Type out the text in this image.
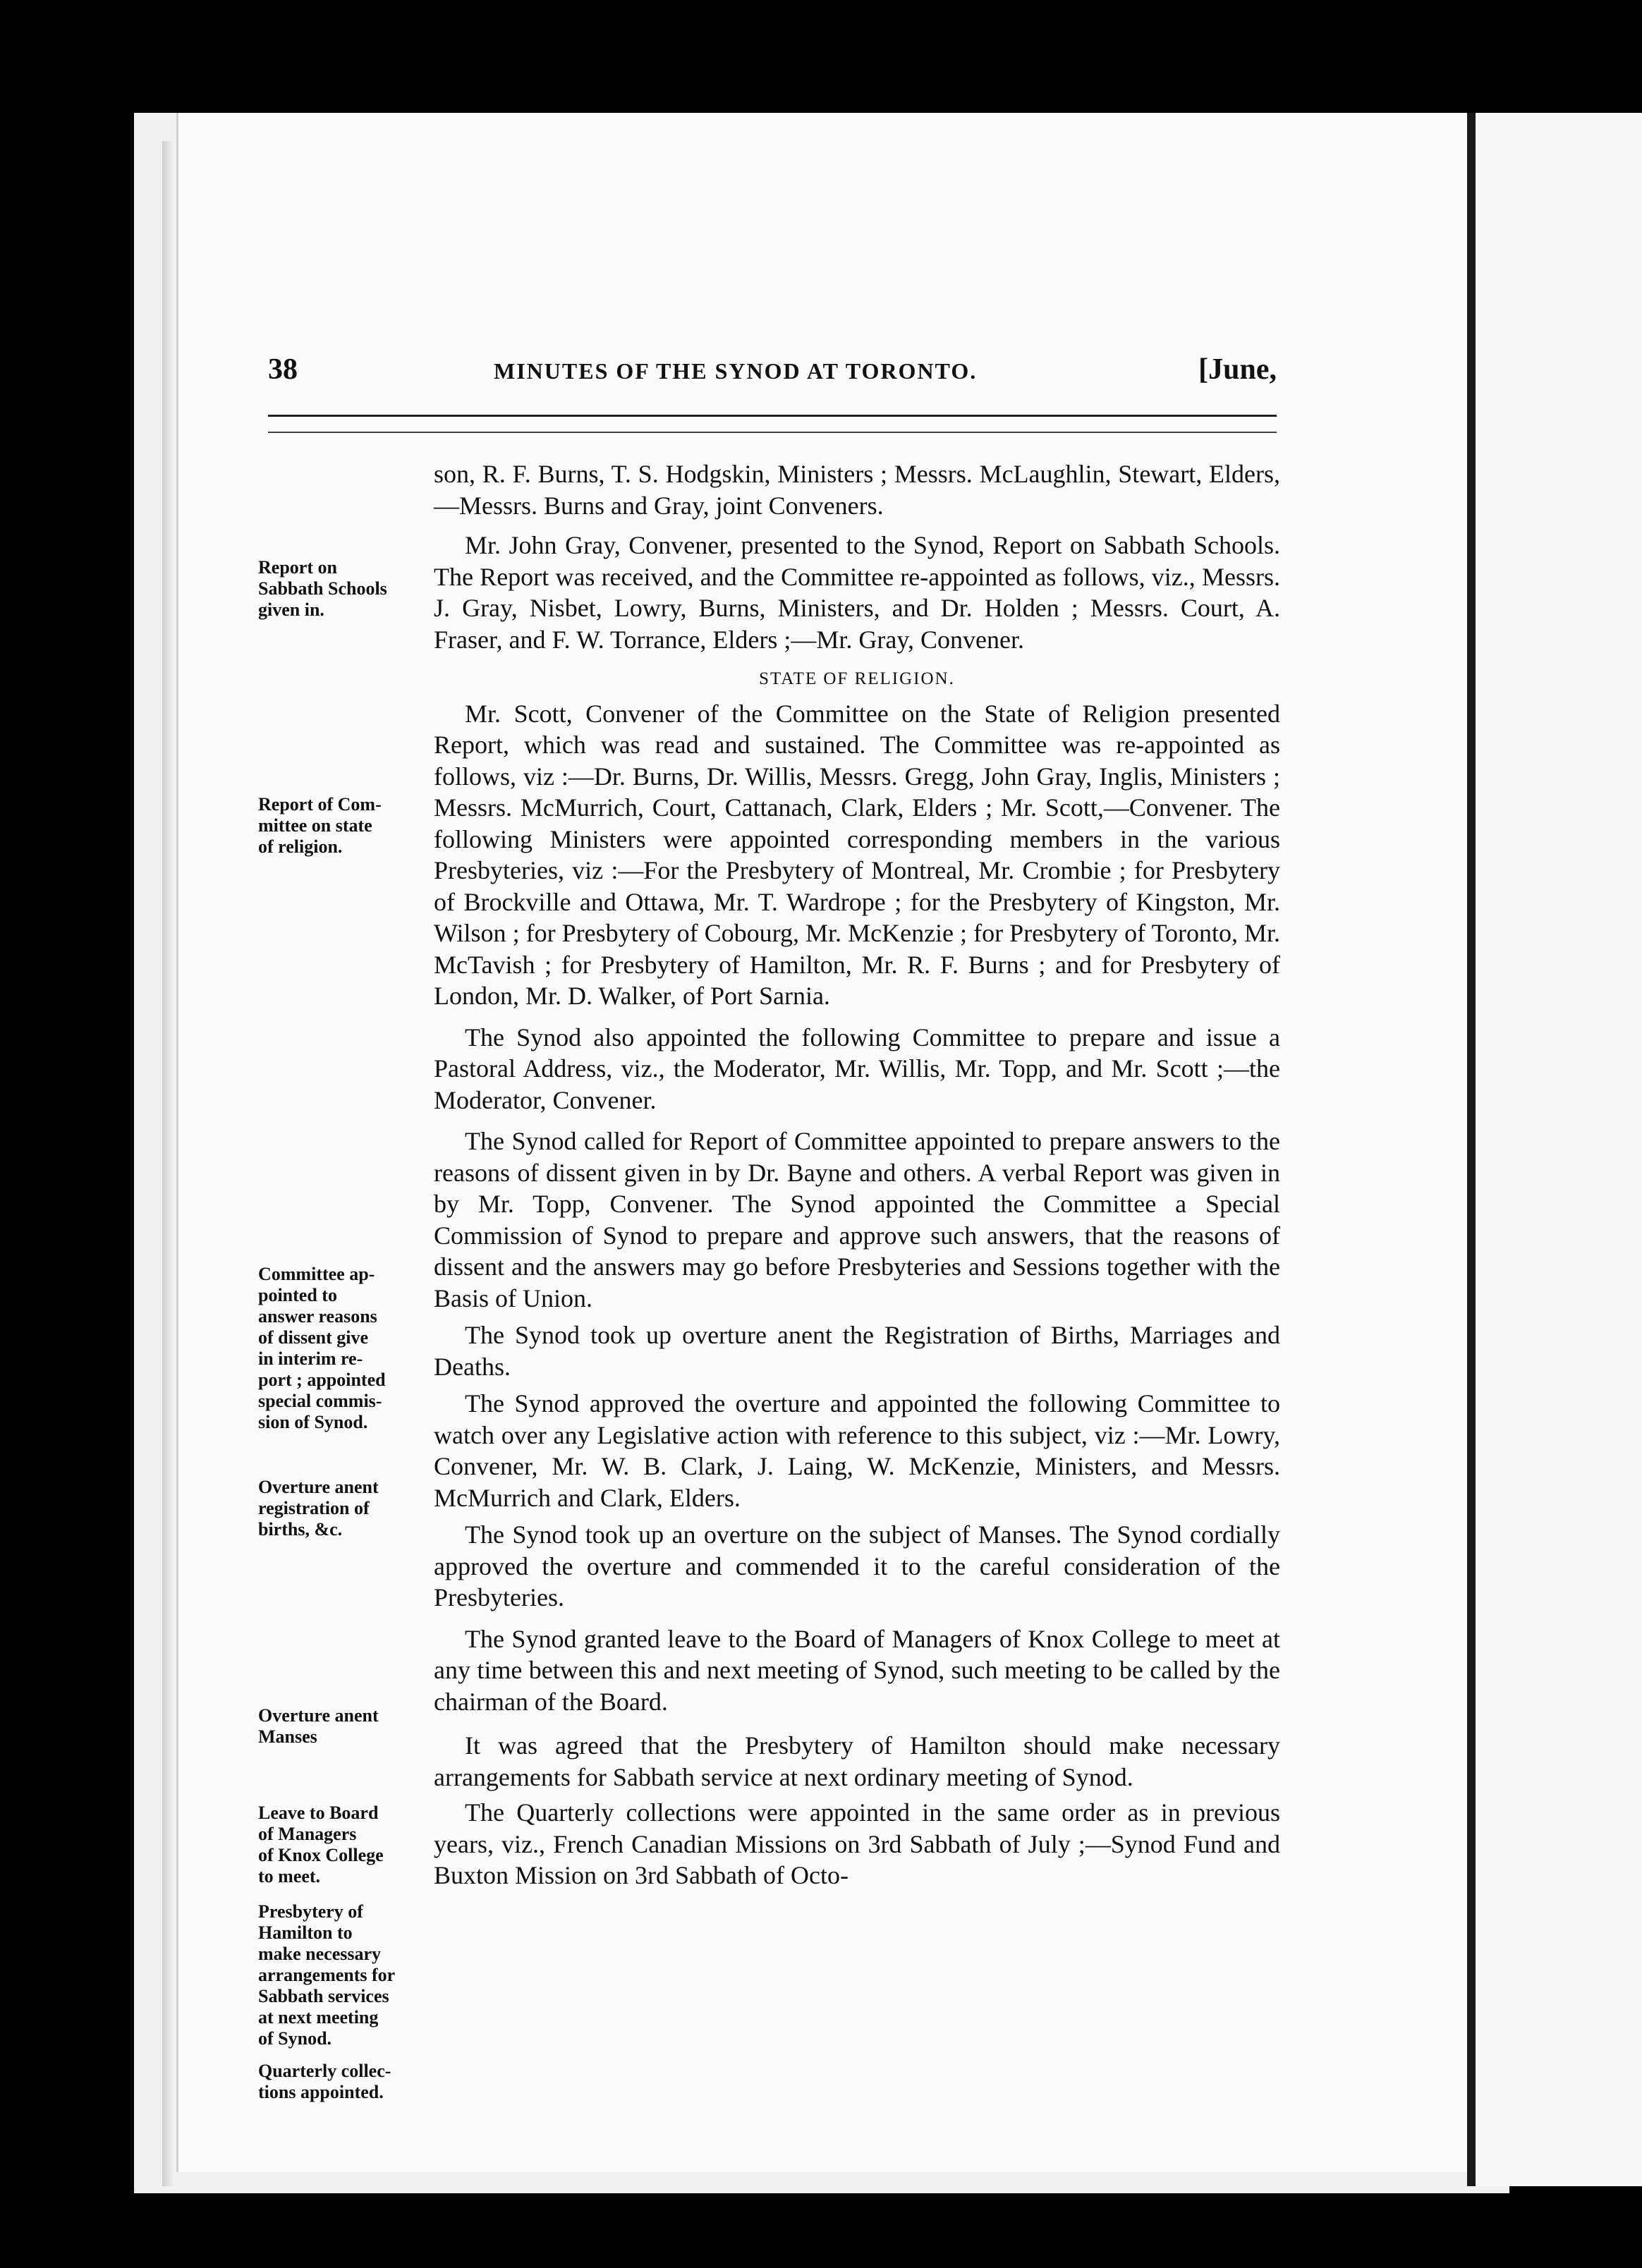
38	MINUTES OF THE SYNOD AT TORONTO.	[June,

son, R. F. Burns, T. S. Hodgskin, Ministers ; Messrs. McLaughlin, Stewart, Elders,—Messrs. Burns and Gray, joint Conveners.

Mr. John Gray, Convener, presented to the Synod, Report on Sabbath Schools. The Report was received, and the Committee re-appointed as follows, viz., Messrs. J. Gray, Nisbet, Lowry, Burns, Ministers, and Dr. Holden ; Messrs. Court, A. Fraser, and F. W. Torrance, Elders ;—Mr. Gray, Convener.

STATE OF RELIGION.

Mr. Scott, Convener of the Committee on the State of Religion presented Report, which was read and sustained. The Committee was re-appointed as follows, viz :—Dr. Burns, Dr. Willis, Messrs. Gregg, John Gray, Inglis, Ministers ; Messrs. McMurrich, Court, Cattanach, Clark, Elders ; Mr. Scott,—Convener. The following Ministers were appointed corresponding members in the various Presbyteries, viz :—For the Presbytery of Montreal, Mr. Crombie ; for Presbytery of Brockville and Ottawa, Mr. T. Wardrope ; for the Presbytery of Kingston, Mr. Wilson ; for Presbytery of Cobourg, Mr. McKenzie ; for Presbytery of Toronto, Mr. McTavish ; for Presbytery of Hamilton, Mr. R. F. Burns ; and for Presbytery of London, Mr. D. Walker, of Port Sarnia.

The Synod also appointed the following Committee to prepare and issue a Pastoral Address, viz., the Moderator, Mr. Willis, Mr. Topp, and Mr. Scott ;—the Moderator, Convener.

The Synod called for Report of Committee appointed to prepare answers to the reasons of dissent given in by Dr. Bayne and others. A verbal Report was given in by Mr. Topp, Convener. The Synod appointed the Committee a Special Commission of Synod to prepare and approve such answers, that the reasons of dissent and the answers may go before Presbyteries and Sessions together with the Basis of Union.

The Synod took up overture anent the Registration of Births, Marriages and Deaths.

The Synod approved the overture and appointed the following Committee to watch over any Legislative action with reference to this subject, viz :—Mr. Lowry, Convener, Mr. W. B. Clark, J. Laing, W. McKenzie, Ministers, and Messrs. McMurrich and Clark, Elders.

The Synod took up an overture on the subject of Manses. The Synod cordially approved the overture and commended it to the careful consideration of the Presbyteries.

The Synod granted leave to the Board of Managers of Knox College to meet at any time between this and next meeting of Synod, such meeting to be called by the chairman of the Board.

It was agreed that the Presbytery of Hamilton should make necessary arrangements for Sabbath service at next ordinary meeting of Synod.

The Quarterly collections were appointed in the same order as in previous years, viz., French Canadian Missions on 3rd Sabbath of July ;—Synod Fund and Buxton Mission on 3rd Sabbath of Octo-

Report on
Sabbath Schools
given in.
Report of Com-
mittee on state
of religion.
Committee ap-
pointed to
answer reasons
of dissent give
in interim re-
port ; appointed
special commis-
sion of Synod.
Overture anent
registration of
births, &c.
Overture anent
Manses
Leave to Board
of Managers
of Knox College
to meet.
Presbytery of
Hamilton to
make necessary
arrangements for
Sabbath services
at next meeting
of Synod.
Quarterly collec-
tions appointed.
